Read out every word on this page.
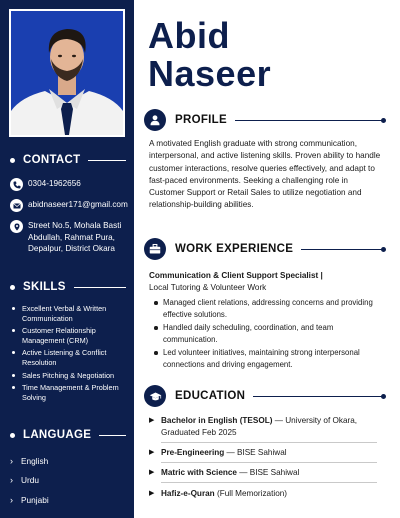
CONTACT
0304-1962656
abidnaseer171@gmail.com
Street No.5, Mohala Basti
Abdullah, Rahmat Pura,
Depalpur, District Okara
SKILLS
Excellent Verbal & Written Communication
Customer Relationship Management (CRM)
Active Listening & Conflict Resolution
Sales Pitching & Negotiation
Time Management & Problem Solving
LANGUAGE
› English
› Urdu
› Punjabi
Abid
Naseer
PROFILE

A motivated English graduate with strong communication, interpersonal, and active listening skills. Proven ability to handle customer interactions, resolve queries effectively, and adapt to fast-paced environments. Seeking a challenging role in Customer Support or Retail Sales to utilize negotiation and relationship-building abilities.

WORK EXPERIENCE
Communication & Client Support Specialist |
Local Tutoring & Volunteer Work
Managed client relations, addressing concerns and providing effective solutions.
Handled daily scheduling, coordination, and team communication.
Led volunteer initiatives, maintaining strong interpersonal connections and driving engagement.
EDUCATION
▶ Bachelor in English (TESOL) — University of Okara,
Graduated Feb 2025
▶ Pre-Engineering — BISE Sahiwal
▶ Matric with Science — BISE Sahiwal
▶ Hafiz-e-Quran (Full Memorization)
